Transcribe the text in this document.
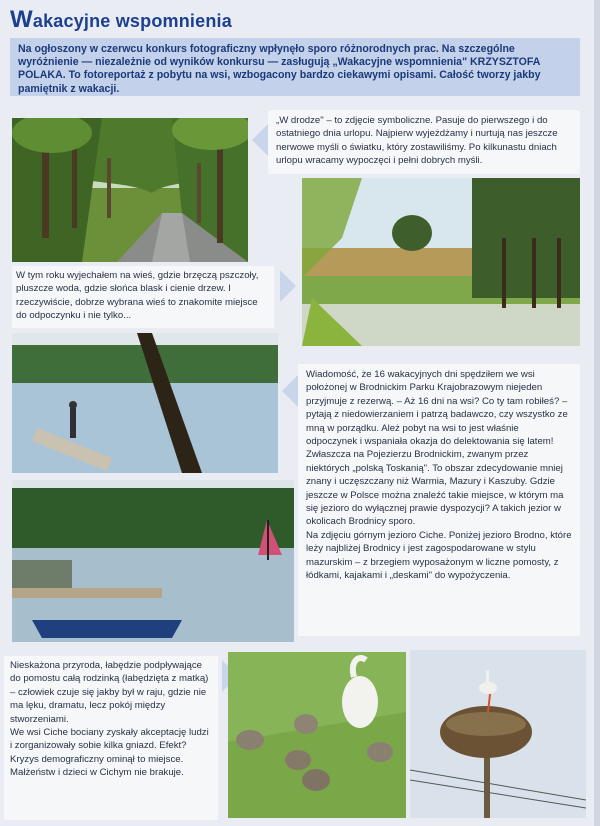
Wakacyjne wspomnienia

Na ogłoszony w czerwcu konkurs fotograficzny wpłynęło sporo różnorodnych prac. Na szczególne wyróżnienie — niezależnie od wyników konkursu — zasługują „Wakacyjne wspomnienia" KRZYSZTOFA POLAKA. To fotoreportaż z pobytu na wsi, wzbogacony bardzo ciekawymi opisami. Całość tworzy jakby pamiętnik z wakacji.

„W drodze" – to zdjęcie symboliczne. Pasuje do pierwszego i do ostatniego dnia urlopu. Najpierw wyjeżdżamy i nurtują nas jeszcze nerwowe myśli o światku, który zostawiliśmy. Po kilkunastu dniach urlopu wracamy wypoczęci i pełni dobrych myśli.

W tym roku wyjechałem na wieś, gdzie brzęczą pszczoły, pluszcze woda, gdzie słońca blask i cienie drzew. I rzeczywiście, dobrze wybrana wieś to znakomite miejsce do odpoczynku i nie tylko...

Wiadomość, że 16 wakacyjnych dni spędziłem we wsi położonej w Brodnickim Parku Krajobrazowym niejeden przyjmuje z rezerwą. – Aż 16 dni na wsi? Co ty tam robiłeś? – pytają z niedowierzaniem i patrzą badawczo, czy wszystko ze mną w porządku. Ależ pobyt na wsi to jest właśnie odpoczynek i wspaniała okazja do delektowania się latem! Zwłaszcza na Pojezierzu Brodnickim, zwanym przez niektórych „polską Toskanią". To obszar zdecydowanie mniej znany i uczęszczany niż Warmia, Mazury i Kaszuby. Gdzie jeszcze w Polsce można znaleźć takie miejsce, w którym ma się jezioro do wyłącznej prawie dyspozycji? A takich jezior w okolicach Brodnicy sporo.

Na zdjęciu górnym jezioro Ciche. Poniżej jezioro Brodno, które leży najbliżej Brodnicy i jest zagospodarowane w stylu mazurskim – z brzegiem wyposażonym w liczne pomosty, z łódkami, kajakami i „deskami" do wypożyczenia.

Nieskażona przyroda, łabędzie podpływające do pomostu całą rodzinką (łabędzięta z matką) – człowiek czuje się jakby był w raju, gdzie nie ma lęku, dramatu, lecz pokój między stworzeniami.

We wsi Ciche bociany zyskały akceptację ludzi i zorganizowały sobie kilka gniazd. Efekt? Kryzys demograficzny ominął to miejsce. Małżeństw i dzieci w Cichym nie brakuje.
